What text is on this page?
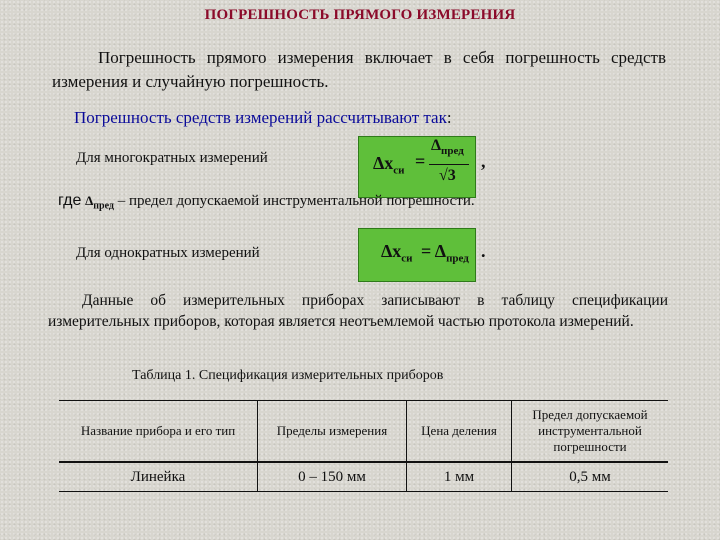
ПОГРЕШНОСТЬ ПРЯМОГО ИЗМЕРЕНИЯ
Погрешность прямого измерения включает в себя погрешность средств измерения и случайную погрешность.
Погрешность средств измерений рассчитывают так:
Для многократных измерений	$\Delta x_{си}$ =
$\Delta_{пред}$
√3
,
где $\Delta_{пред}$ – предел допускаемой инструментальной погрешности.
Для однократных измерений	$\Delta x_{си} = \Delta_{пред}$ .
Данные об измерительных приборах записывают в таблицу спецификации измерительных приборов, которая является неотъемлемой частью протокола измерений.
Таблица 1. Спецификация измерительных приборов
Название прибора и его тип	Пределы измерения	Цена деления	Предел допускаемой инструментальной погрешности
Линейка	0 – 150 мм	1 мм	0,5 мм
